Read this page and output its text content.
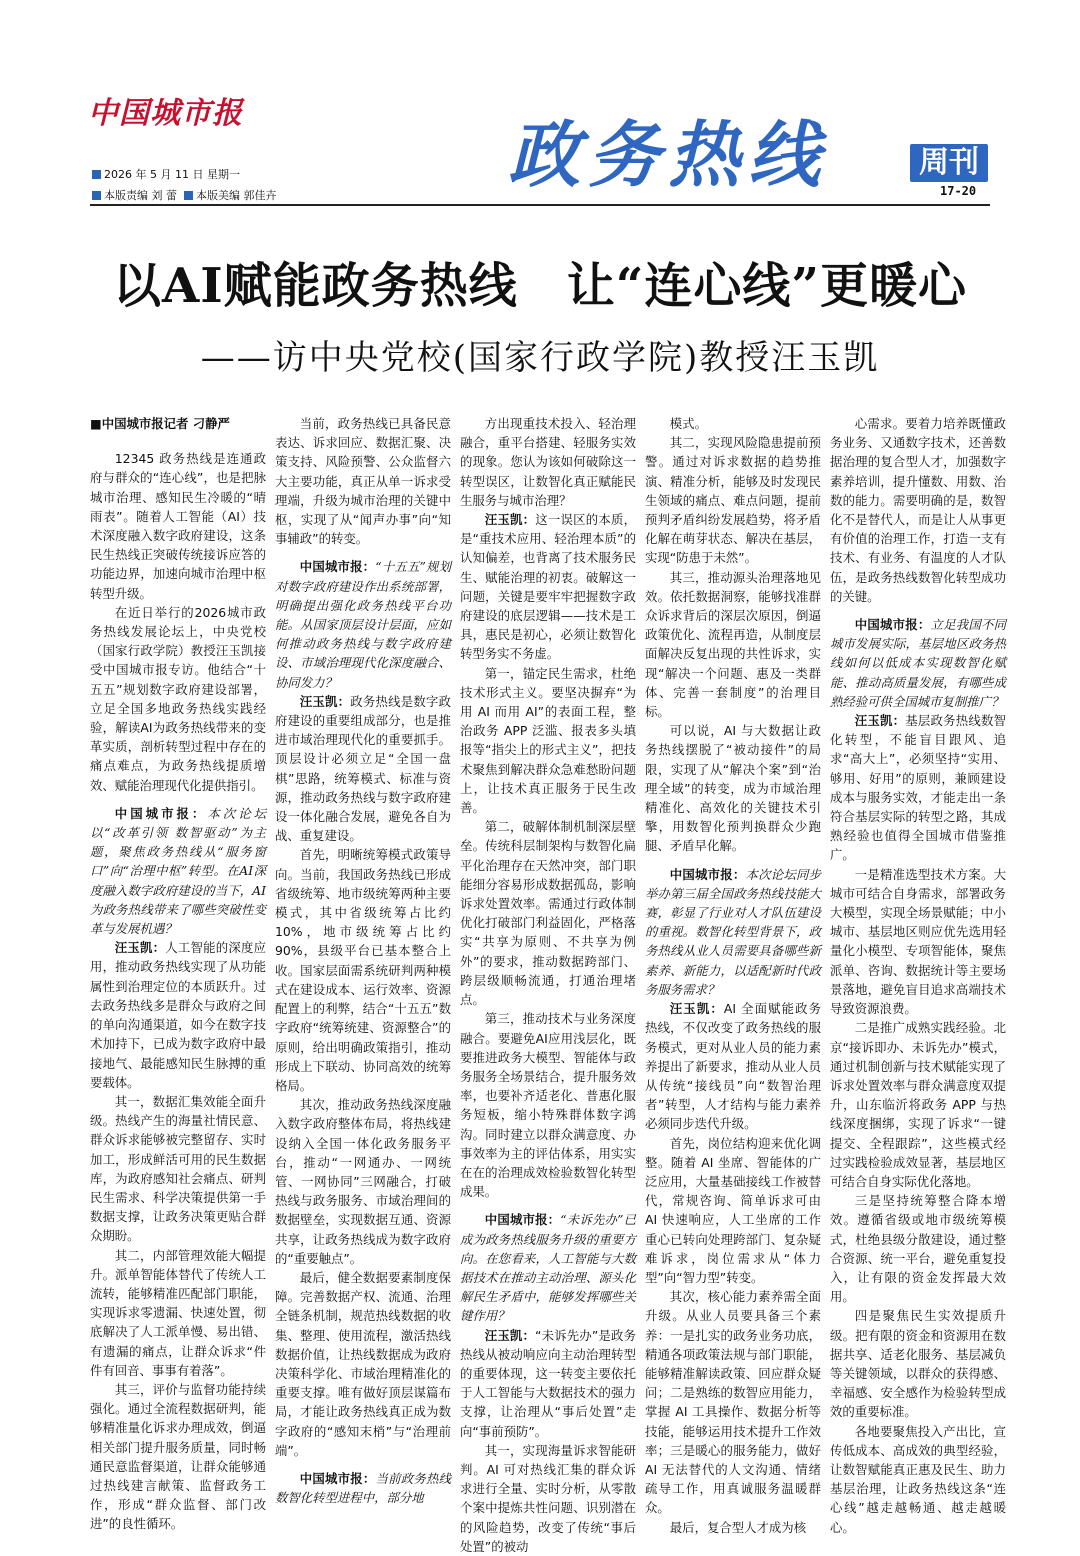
中国城市报
2026 年 5 月 11 日 星期一
本版责编 刘 蕾 本版美编 郭佳卉	政务热线	周刊
17-20
以AI赋能政务热线　让“连心线”更暖心
——访中央党校(国家行政学院)教授汪玉凯

■中国城市报记者 刁静严

12345 政务热线是连通政府与群众的“连心线”，也是把脉城市治理、感知民生冷暖的“晴雨表”。随着人工智能（AI）技术深度融入数字政府建设，这条民生热线正突破传统接诉应答的功能边界，加速向城市治理中枢转型升级。

在近日举行的2026城市政务热线发展论坛上，中央党校（国家行政学院）教授汪玉凯接受中国城市报专访。他结合“十五五”规划数字政府建设部署，立足全国多地政务热线实践经验，解读AI为政务热线带来的变革实质，剖析转型过程中存在的痛点难点，为政务热线提质增效、赋能治理现代化提供指引。

中国城市报：本次论坛以“改革引领 数智驱动”为主题，聚焦政务热线从“服务窗口”向“治理中枢”转型。在AI深度融入数字政府建设的当下，AI为政务热线带来了哪些突破性变革与发展机遇？

汪玉凯：人工智能的深度应用，推动政务热线实现了从功能属性到治理定位的本质跃升。过去政务热线多是群众与政府之间的单向沟通渠道，如今在数字技术加持下，已成为数字政府中最接地气、最能感知民生脉搏的重要载体。

其一，数据汇集效能全面升级。热线产生的海量社情民意、群众诉求能够被完整留存、实时加工，形成鲜活可用的民生数据库，为政府感知社会痛点、研判民生需求、科学决策提供第一手数据支撑，让政务决策更贴合群众期盼。

其二，内部管理效能大幅提升。派单智能体替代了传统人工流转，能够精准匹配部门职能，实现诉求零遗漏、快速处置，彻底解决了人工派单慢、易出错、有遗漏的痛点，让群众诉求“件件有回音、事事有着落”。

其三，评价与监督功能持续强化。通过全流程数据研判，能够精准量化诉求办理成效，倒逼相关部门提升服务质量，同时畅通民意监督渠道，让群众能够通过热线建言献策、监督政务工作，形成“群众监督、部门改进”的良性循环。

当前，政务热线已具备民意表达、诉求回应、数据汇聚、决策支持、风险预警、公众监督六大主要功能，真正从单一诉求受理端，升级为城市治理的关键中枢，实现了从“闻声办事”向“知事辅政”的转变。

中国城市报：“十五五”规划对数字政府建设作出系统部署，明确提出强化政务热线平台功能。从国家顶层设计层面，应如何推动政务热线与数字政府建设、市域治理现代化深度融合、协同发力？

汪玉凯：政务热线是数字政府建设的重要组成部分，也是推进市域治理现代化的重要抓手。顶层设计必须立足“全国一盘棋”思路，统筹模式、标准与资源，推动政务热线与数字政府建设一体化融合发展，避免各自为战、重复建设。

首先，明晰统筹模式政策导向。当前，我国政务热线已形成省级统筹、地市级统筹两种主要模式，其中省级统筹占比约 10%，地市级统筹占比约 90%，县级平台已基本整合上收。国家层面需系统研判两种模式在建设成本、运行效率、资源配置上的利弊，结合“十五五”数字政府“统筹统建、资源整合”的原则，给出明确政策指引，推动形成上下联动、协同高效的统筹格局。

其次，推动政务热线深度融入数字政府整体布局，将热线建设纳入全国一体化政务服务平台，推动“一网通办、一网统管、一网协同”三网融合，打破热线与政务服务、市域治理间的数据壁垒，实现数据互通、资源共享，让政务热线成为数字政府的“重要触点”。

最后，健全数据要素制度保障。完善数据产权、流通、治理全链条机制，规范热线数据的收集、整理、使用流程，激活热线数据价值，让热线数据成为政府决策科学化、市域治理精准化的重要支撑。唯有做好顶层谋篇布局，才能让政务热线真正成为数字政府的“感知末梢”与“治理前端”。

中国城市报：当前政务热线数智化转型进程中，部分地

方出现重技术投入、轻治理融合，重平台搭建、轻服务实效的现象。您认为该如何破除这一转型误区，让数智化真正赋能民生服务与城市治理？

汪玉凯：这一误区的本质，是“重技术应用、轻治理本质”的认知偏差，也背离了技术服务民生、赋能治理的初衷。破解这一问题，关键是要牢牢把握数字政府建设的底层逻辑——技术是工具，惠民是初心，必须让数智化转型务实不务虚。

第一，锚定民生需求，杜绝技术形式主义。要坚决摒弃“为用 AI 而用 AI”的表面工程，整治政务 APP 泛滥、报表多头填报等“指尖上的形式主义”，把技术聚焦到解决群众急难愁盼问题上，让技术真正服务于民生改善。

第二，破解体制机制深层壁垒。传统科层制架构与数智化扁平化治理存在天然冲突，部门职能细分容易形成数据孤岛，影响诉求处置效率。需通过行政体制优化打破部门利益固化，严格落实“共享为原则、不共享为例外”的要求，推动数据跨部门、跨层级顺畅流通，打通治理堵点。

第三，推动技术与业务深度融合。要避免AI应用浅层化，既要推进政务大模型、智能体与政务服务全场景结合，提升服务效率，也要补齐适老化、普惠化服务短板，缩小特殊群体数字鸿沟。同时建立以群众满意度、办事效率为主的评估体系，用实实在在的治理成效检验数智化转型成果。

中国城市报：“未诉先办”已成为政务热线服务升级的重要方向。在您看来，人工智能与大数据技术在推动主动治理、源头化解民生矛盾中，能够发挥哪些关键作用？

汪玉凯：“未诉先办”是政务热线从被动响应向主动治理转型的重要体现，这一转变主要依托于人工智能与大数据技术的强力支撑，让治理从“事后处置”走向“事前预防”。

其一，实现海量诉求智能研判。AI 可对热线汇集的群众诉求进行全量、实时分析，从零散个案中提炼共性问题、识别潜在的风险趋势，改变了传统“事后处置”的被动

模式。

其二，实现风险隐患提前预警。通过对诉求数据的趋势推演、精准分析，能够及时发现民生领域的痛点、难点问题，提前预判矛盾纠纷发展趋势，将矛盾化解在萌芽状态、解决在基层，实现“防患于未然”。

其三，推动源头治理落地见效。依托数据洞察，能够找准群众诉求背后的深层次原因，倒逼政策优化、流程再造，从制度层面解决反复出现的共性诉求，实现“解决一个问题、惠及一类群体、完善一套制度”的治理目标。

可以说，AI 与大数据让政务热线摆脱了“被动接件”的局限，实现了从“解决个案”到“治理全域”的转变，成为市域治理精准化、高效化的关键技术引擎，用数智化预判换群众少跑腿、矛盾早化解。

中国城市报：本次论坛同步举办第三届全国政务热线技能大赛，彰显了行业对人才队伍建设的重视。数智化转型背景下，政务热线从业人员需要具备哪些新素养、新能力，以适配新时代政务服务需求？

汪玉凯：AI 全面赋能政务热线，不仅改变了政务热线的服务模式，更对从业人员的能力素养提出了新要求，推动从业人员从传统“接线员”向“数智治理者”转型，人才结构与能力素养必须同步迭代升级。

首先，岗位结构迎来优化调整。随着 AI 坐席、智能体的广泛应用，大量基础接线工作被替代，常规咨询、简单诉求可由 AI 快速响应，人工坐席的工作重心已转向处理跨部门、复杂疑难诉求，岗位需求从“体力型”向“智力型”转变。

其次，核心能力素养需全面升级。从业人员要具备三个素养：一是扎实的政务业务功底，精通各项政策法规与部门职能，能够精准解读政策、回应群众疑问；二是熟练的数智应用能力，掌握 AI 工具操作、数据分析等技能，能够运用技术提升工作效率；三是暖心的服务能力，做好 AI 无法替代的人文沟通、情绪疏导工作，用真诚服务温暖群众。

最后，复合型人才成为核

心需求。要着力培养既懂政务业务、又通数字技术，还善数据治理的复合型人才，加强数字素养培训，提升懂数、用数、治数的能力。需要明确的是，数智化不是替代人，而是让人从事更有价值的治理工作，打造一支有技术、有业务、有温度的人才队伍，是政务热线数智化转型成功的关键。

中国城市报：立足我国不同城市发展实际，基层地区政务热线如何以低成本实现数智化赋能、推动高质量发展，有哪些成熟经验可供全国城市复制推广？

汪玉凯：基层政务热线数智化转型，不能盲目跟风、追求“高大上”，必须坚持“实用、够用、好用”的原则，兼顾建设成本与服务实效，才能走出一条符合基层实际的转型之路，其成熟经验也值得全国城市借鉴推广。

一是精准选型技术方案。大城市可结合自身需求，部署政务大模型，实现全场景赋能；中小城市、基层地区则应优先选用轻量化小模型、专项智能体，聚焦派单、咨询、数据统计等主要场景落地，避免盲目追求高端技术导致资源浪费。

二是推广成熟实践经验。北京“接诉即办、未诉先办”模式，通过机制创新与技术赋能实现了诉求处置效率与群众满意度双提升，山东临沂将政务 APP 与热线深度捆绑，实现了诉求“一键提交、全程跟踪”，这些模式经过实践检验成效显著，基层地区可结合自身实际优化落地。

三是坚持统筹整合降本增效。遵循省级或地市级统筹模式，杜绝县级分散建设，通过整合资源、统一平台，避免重复投入，让有限的资金发挥最大效用。

四是聚焦民生实效提质升级。把有限的资金和资源用在数据共享、适老化服务、基层减负等关键领域，以群众的获得感、幸福感、安全感作为检验转型成效的重要标准。

各地要聚焦投入产出比，宣传低成本、高成效的典型经验，让数智赋能真正惠及民生、助力基层治理，让政务热线这条“连心线”越走越畅通、越走越暖心。
